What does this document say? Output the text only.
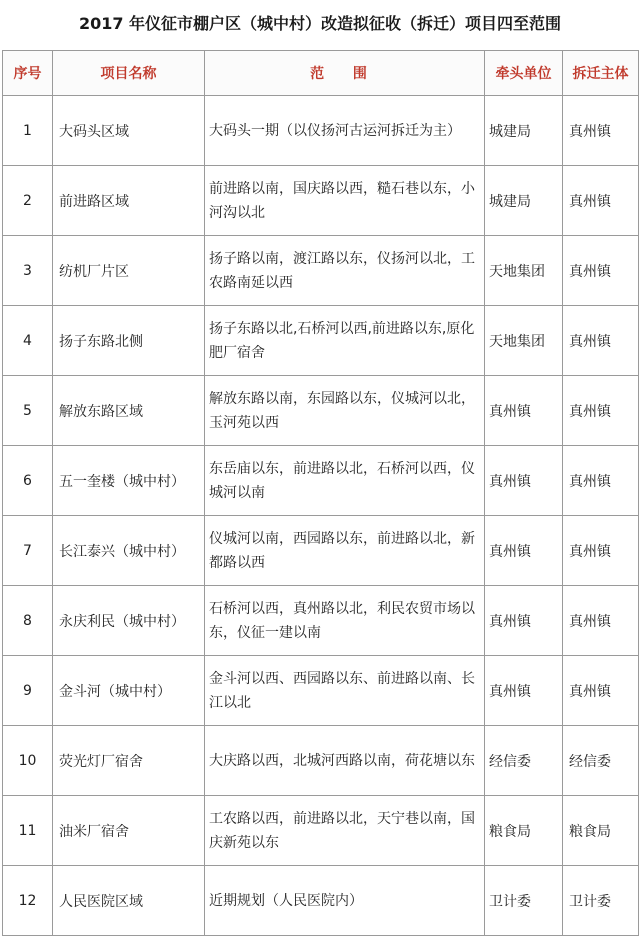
2017 年仪征市棚户区（城中村）改造拟征收（拆迁）项目四至范围
序号	项目名称	范 围	牵头单位	拆迁主体
1	大码头区域	大码头一期（以仪扬河古运河拆迁为主）	城建局	真州镇
2	前进路区域	前进路以南，国庆路以西，糙石巷以东，小河沟以北	城建局	真州镇
3	纺机厂片区	扬子路以南，渡江路以东，仪扬河以北，工农路南延以西	天地集团	真州镇
4	扬子东路北侧	扬子东路以北,石桥河以西,前进路以东,原化肥厂宿舍	天地集团	真州镇
5	解放东路区域	解放东路以南，东园路以东，仪城河以北，玉河苑以西	真州镇	真州镇
6	五一奎楼（城中村）	东岳庙以东，前进路以北，石桥河以西，仪城河以南	真州镇	真州镇
7	长江泰兴（城中村）	仪城河以南，西园路以东，前进路以北，新都路以西	真州镇	真州镇
8	永庆利民（城中村）	石桥河以西，真州路以北，利民农贸市场以东，仪征一建以南	真州镇	真州镇
9	金斗河（城中村）	金斗河以西、西园路以东、前进路以南、长江以北	真州镇	真州镇
10	荧光灯厂宿舍	大庆路以西，北城河西路以南，荷花塘以东	经信委	经信委
11	油米厂宿舍	工农路以西，前进路以北，天宁巷以南，国庆新苑以东	粮食局	粮食局
12	人民医院区域	近期规划（人民医院内）	卫计委	卫计委
